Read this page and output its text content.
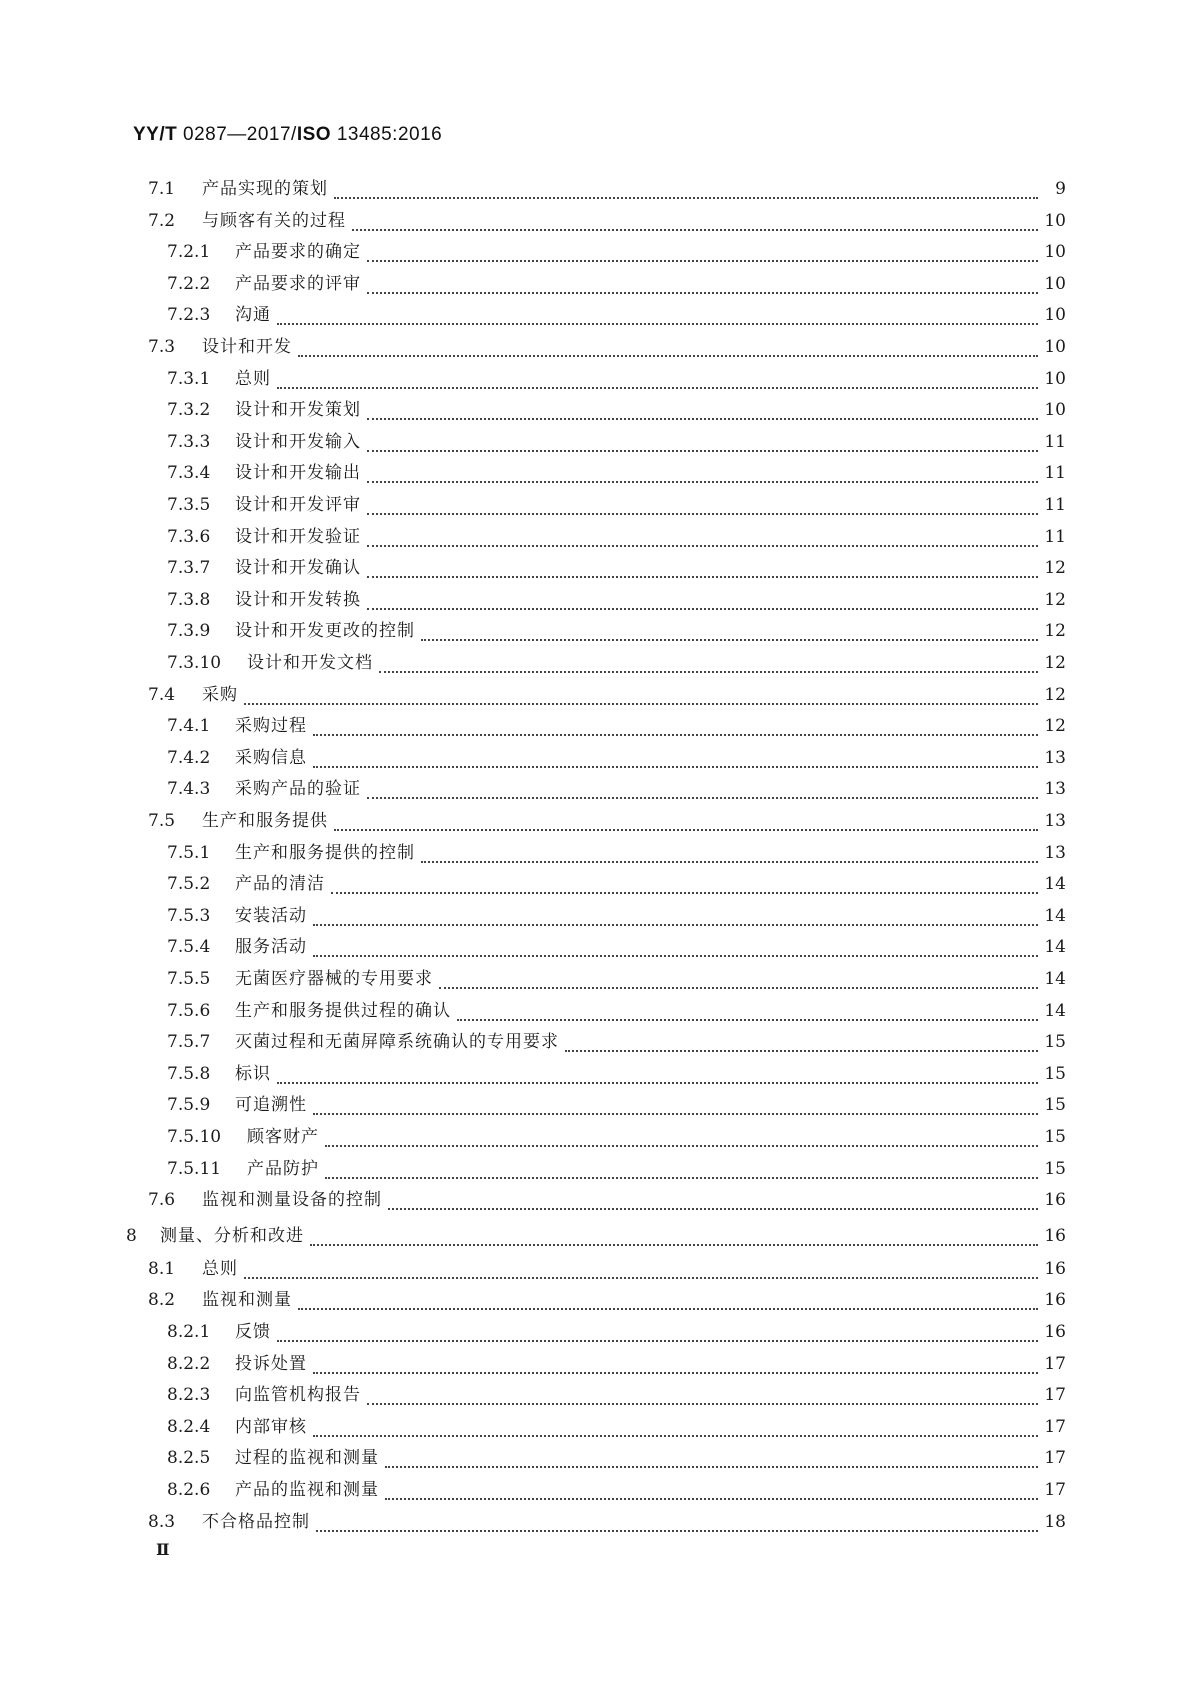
YY/T 0287—2017/ISO 13485:2016
7.1	产品实现的策划	9
7.2	与顾客有关的过程	10
7.2.1	产品要求的确定	10
7.2.2	产品要求的评审	10
7.2.3	沟通	10
7.3	设计和开发	10
7.3.1	总则	10
7.3.2	设计和开发策划	10
7.3.3	设计和开发输入	11
7.3.4	设计和开发输出	11
7.3.5	设计和开发评审	11
7.3.6	设计和开发验证	11
7.3.7	设计和开发确认	12
7.3.8	设计和开发转换	12
7.3.9	设计和开发更改的控制	12
7.3.10	设计和开发文档	12
7.4	采购	12
7.4.1	采购过程	12
7.4.2	采购信息	13
7.4.3	采购产品的验证	13
7.5	生产和服务提供	13
7.5.1	生产和服务提供的控制	13
7.5.2	产品的清洁	14
7.5.3	安装活动	14
7.5.4	服务活动	14
7.5.5	无菌医疗器械的专用要求	14
7.5.6	生产和服务提供过程的确认	14
7.5.7	灭菌过程和无菌屏障系统确认的专用要求	15
7.5.8	标识	15
7.5.9	可追溯性	15
7.5.10	顾客财产	15
7.5.11	产品防护	15
7.6	监视和测量设备的控制	16
8	测量、分析和改进	16
8.1	总则	16
8.2	监视和测量	16
8.2.1	反馈	16
8.2.2	投诉处置	17
8.2.3	向监管机构报告	17
8.2.4	内部审核	17
8.2.5	过程的监视和测量	17
8.2.6	产品的监视和测量	17
8.3	不合格品控制	18
Ⅱ
